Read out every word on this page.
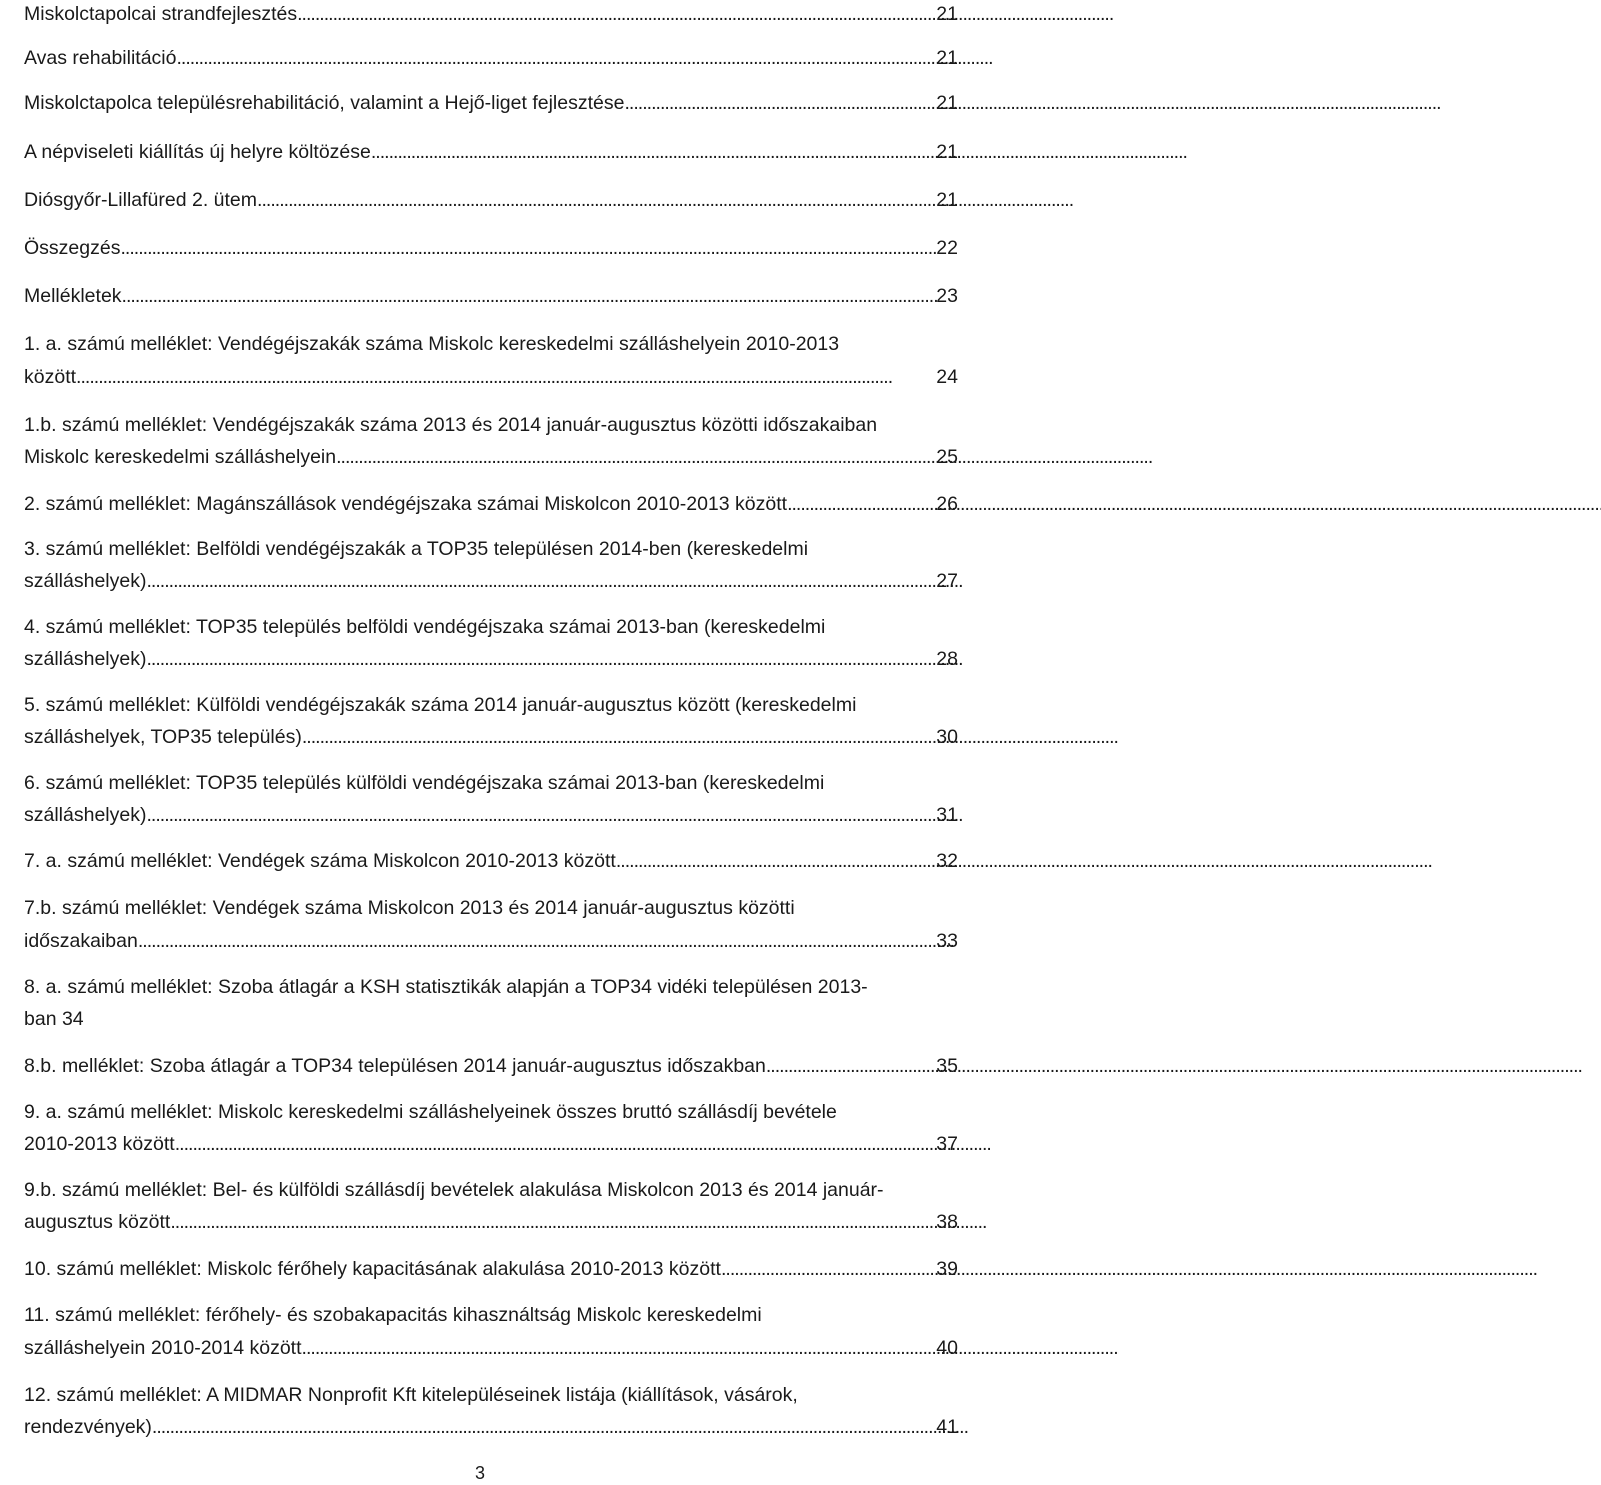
Miskolctapolcai strandfejlesztés . . .	21
Avas rehabilitáció . . .	21
Miskolctapolca településrehabilitáció, valamint a Hejő-liget fejlesztése . . .	21
A népviseleti kiállítás új helyre költözése . . .	21
Diósgyőr-Lillafüred 2. ütem . . .	21
Összegzés . . .	22
Mellékletek . . .	23
1. a. számú melléklet: Vendégéjszakák száma Miskolc kereskedelmi szálláshelyein 2010-2013
között . . .	24
1.b. számú melléklet: Vendégéjszakák száma 2013 és 2014 január-augusztus közötti időszakaiban
Miskolc kereskedelmi szálláshelyein . . .	25
2. számú melléklet: Magánszállások vendégéjszaka számai Miskolcon 2010-2013 között . . .	26
3. számú melléklet: Belföldi vendégéjszakák a TOP35 településen 2014-ben (kereskedelmi
szálláshelyek) . . .	27
4. számú melléklet: TOP35 település belföldi vendégéjszaka számai 2013-ban (kereskedelmi
szálláshelyek) . . .	28
5. számú melléklet: Külföldi vendégéjszakák száma 2014 január-augusztus között (kereskedelmi
szálláshelyek, TOP35 település) . . .	30
6. számú melléklet: TOP35 település külföldi vendégéjszaka számai 2013-ban (kereskedelmi
szálláshelyek) . . .	31
7. a. számú melléklet: Vendégek száma Miskolcon 2010-2013 között . . .	32
7.b. számú melléklet: Vendégek száma Miskolcon 2013 és 2014 január-augusztus közötti
időszakaiban . . .	33
8. a. számú melléklet: Szoba átlagár a KSH statisztikák alapján a TOP34 vidéki településen 2013-
ban 34
8.b. melléklet: Szoba átlagár a TOP34 településen 2014 január-augusztus időszakban . . .	35
9. a. számú melléklet: Miskolc kereskedelmi szálláshelyeinek összes bruttó szállásdíj bevétele
2010-2013 között . . .	37
9.b. számú melléklet: Bel- és külföldi szállásdíj bevételek alakulása Miskolcon 2013 és 2014 január-
augusztus között . . .	38
10. számú melléklet: Miskolc férőhely kapacitásának alakulása 2010-2013 között . . .	39
11. számú melléklet: férőhely- és szobakapacitás kihasználtság Miskolc kereskedelmi
szálláshelyein 2010-2014 között . . .	40
12. számú melléklet: A MIDMAR Nonprofit Kft kitelepüléseinek listája (kiállítások, vásárok,
rendezvények) . . .	41
3
